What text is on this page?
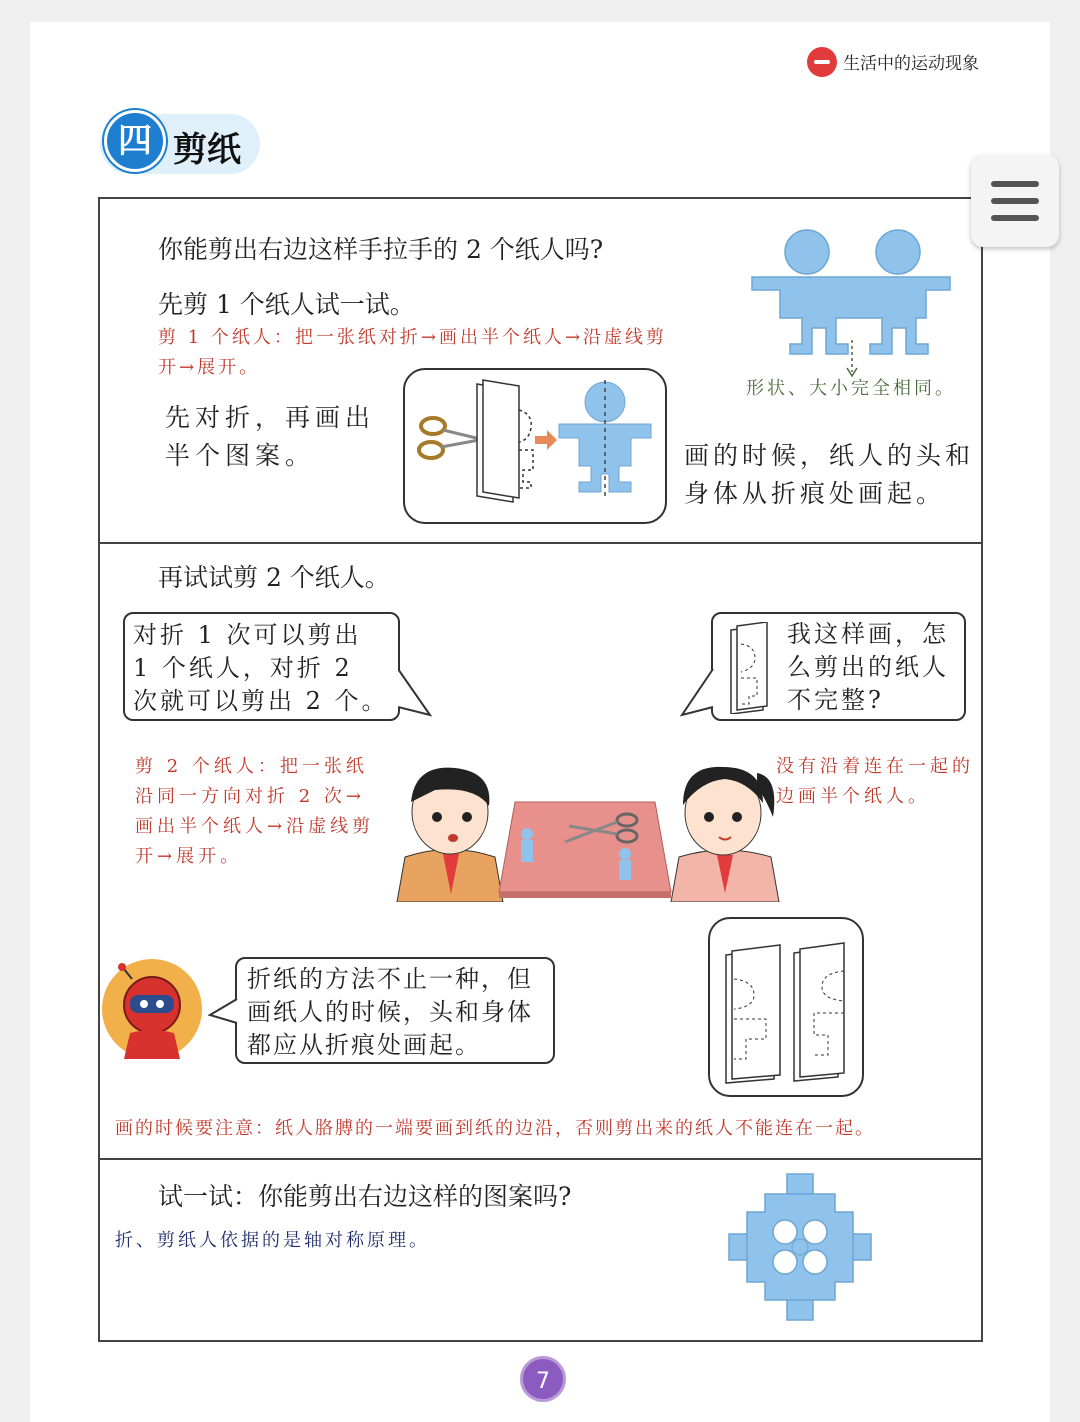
生活中的运动现象
四 剪纸
你能剪出右边这样手拉手的 2 个纸人吗?
先剪 1 个纸人试一试。
剪 1 个纸人：把一张纸对折→画出半个纸人→沿虚线剪开→展开。
先对折，再画出半个图案。
形状、大小完全相同。
画的时候，纸人的头和身体从折痕处画起。
再试试剪 2 个纸人。
对折 1 次可以剪出 1 个纸人，对折 2 次就可以剪出 2 个。
我这样画，怎么剪出的纸人不完整?
剪 2 个纸人：把一张纸沿同一方向对折 2 次→画出半个纸人→沿虚线剪开→展开。
没有沿着连在一起的边画半个纸人。
折纸的方法不止一种，但画纸人的时候，头和身体都应从折痕处画起。
画的时候要注意：纸人胳膊的一端要画到纸的边沿，否则剪出来的纸人不能连在一起。
试一试：你能剪出右边这样的图案吗?
折、剪纸人依据的是轴对称原理。
7
